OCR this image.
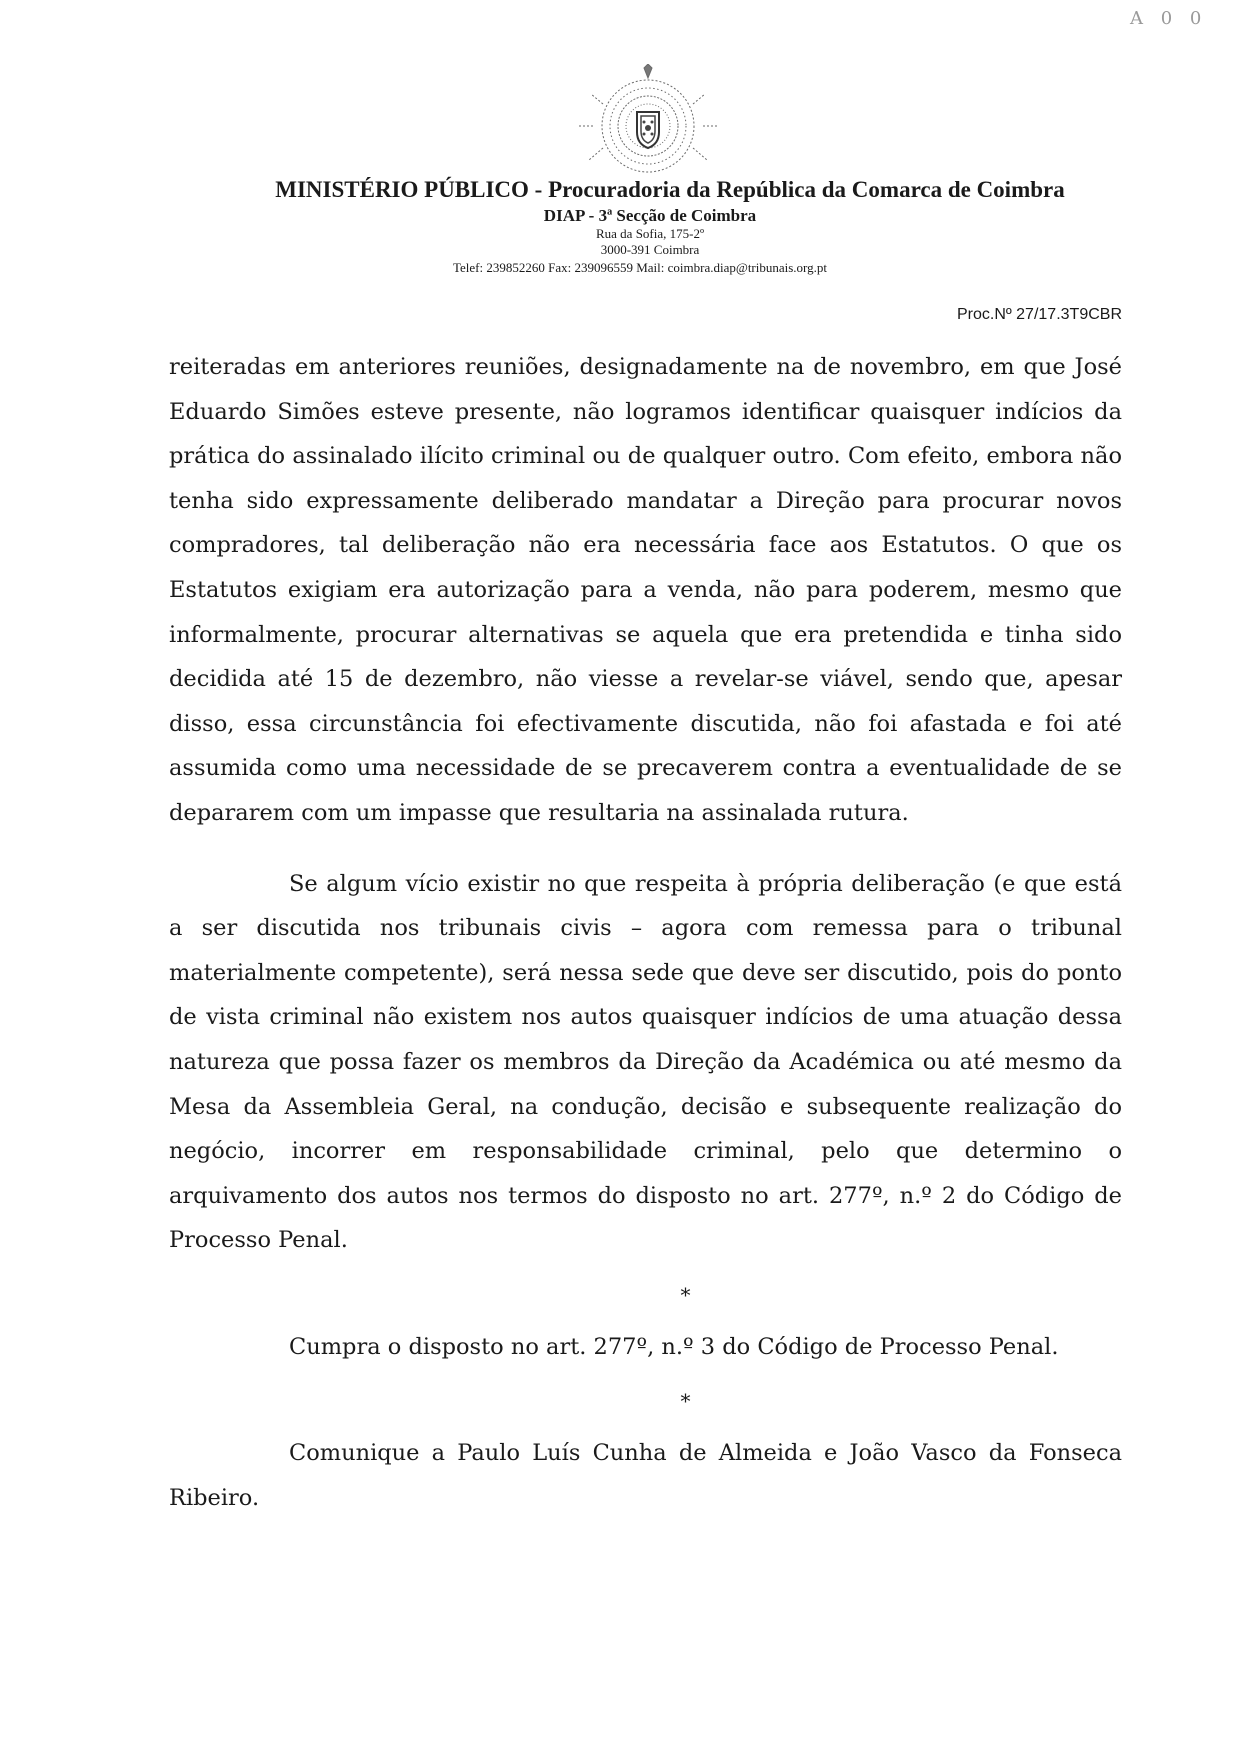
A 0 0
MINISTÉRIO PÚBLICO - Procuradoria da República da Comarca de Coimbra
DIAP - 3ª Secção de Coimbra
Rua da Sofia, 175-2º
3000-391 Coimbra
Telef: 239852260 Fax: 239096559 Mail: coimbra.diap@tribunais.org.pt
Proc.Nº 27/17.3T9CBR

reiteradas em anteriores reuniões, designadamente na de novembro, em que José Eduardo Simões esteve presente, não logramos identificar quaisquer indícios da prática do assinalado ilícito criminal ou de qualquer outro. Com efeito, embora não tenha sido expressamente deliberado mandatar a Direção para procurar novos compradores, tal deliberação não era necessária face aos Estatutos. O que os Estatutos exigiam era autorização para a venda, não para poderem, mesmo que informalmente, procurar alternativas se aquela que era pretendida e tinha sido decidida até 15 de dezembro, não viesse a revelar-se viável, sendo que, apesar disso, essa circunstância foi efectivamente discutida, não foi afastada e foi até assumida como uma necessidade de se precaverem contra a eventualidade de se depararem com um impasse que resultaria na assinalada rutura.

Se algum vício existir no que respeita à própria deliberação (e que está a ser discutida nos tribunais civis – agora com remessa para o tribunal materialmente competente), será nessa sede que deve ser discutido, pois do ponto de vista criminal não existem nos autos quaisquer indícios de uma atuação dessa natureza que possa fazer os membros da Direção da Académica ou até mesmo da Mesa da Assembleia Geral, na condução, decisão e subsequente realização do negócio, incorrer em responsabilidade criminal, pelo que determino o arquivamento dos autos nos termos do disposto no art. 277º, n.º 2 do Código de Processo Penal.

*

Cumpra o disposto no art. 277º, n.º 3 do Código de Processo Penal.

*

Comunique a Paulo Luís Cunha de Almeida e João Vasco da Fonseca Ribeiro.
